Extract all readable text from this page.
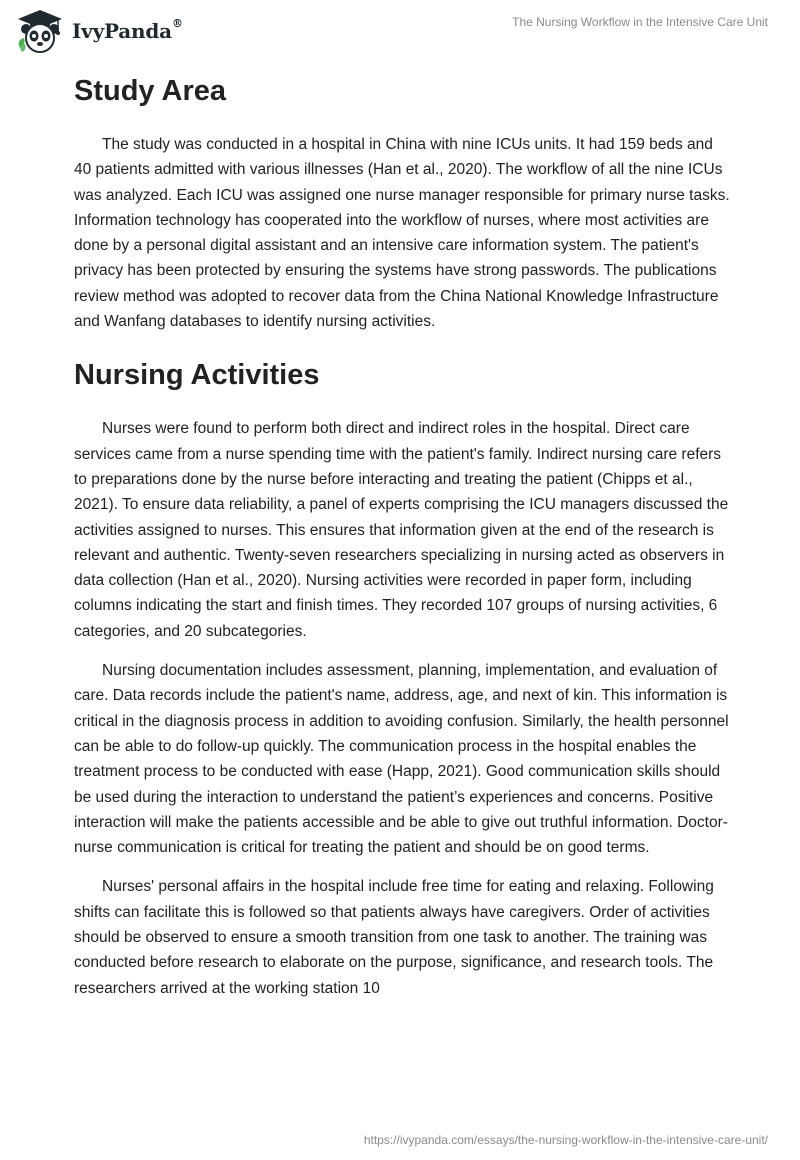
IvyPanda®	The Nursing Workflow in the Intensive Care Unit
Study Area

The study was conducted in a hospital in China with nine ICUs units. It had 159 beds and 40 patients admitted with various illnesses (Han et al., 2020). The workflow of all the nine ICUs was analyzed. Each ICU was assigned one nurse manager responsible for primary nurse tasks. Information technology has cooperated into the workflow of nurses, where most activities are done by a personal digital assistant and an intensive care information system. The patient's privacy has been protected by ensuring the systems have strong passwords. The publications review method was adopted to recover data from the China National Knowledge Infrastructure and Wanfang databases to identify nursing activities.

Nursing Activities

Nurses were found to perform both direct and indirect roles in the hospital. Direct care services came from a nurse spending time with the patient's family. Indirect nursing care refers to preparations done by the nurse before interacting and treating the patient (Chipps et al., 2021). To ensure data reliability, a panel of experts comprising the ICU managers discussed the activities assigned to nurses. This ensures that information given at the end of the research is relevant and authentic. Twenty-seven researchers specializing in nursing acted as observers in data collection (Han et al., 2020). Nursing activities were recorded in paper form, including columns indicating the start and finish times. They recorded 107 groups of nursing activities, 6 categories, and 20 subcategories.

Nursing documentation includes assessment, planning, implementation, and evaluation of care. Data records include the patient's name, address, age, and next of kin. This information is critical in the diagnosis process in addition to avoiding confusion. Similarly, the health personnel can be able to do follow-up quickly. The communication process in the hospital enables the treatment process to be conducted with ease (Happ, 2021). Good communication skills should be used during the interaction to understand the patient’s experiences and concerns. Positive interaction will make the patients accessible and be able to give out truthful information. Doctor-nurse communication is critical for treating the patient and should be on good terms.

Nurses' personal affairs in the hospital include free time for eating and relaxing. Following shifts can facilitate this is followed so that patients always have caregivers. Order of activities should be observed to ensure a smooth transition from one task to another. The training was conducted before research to elaborate on the purpose, significance, and research tools. The researchers arrived at the working station 10

https://ivypanda.com/essays/the-nursing-workflow-in-the-intensive-care-unit/
